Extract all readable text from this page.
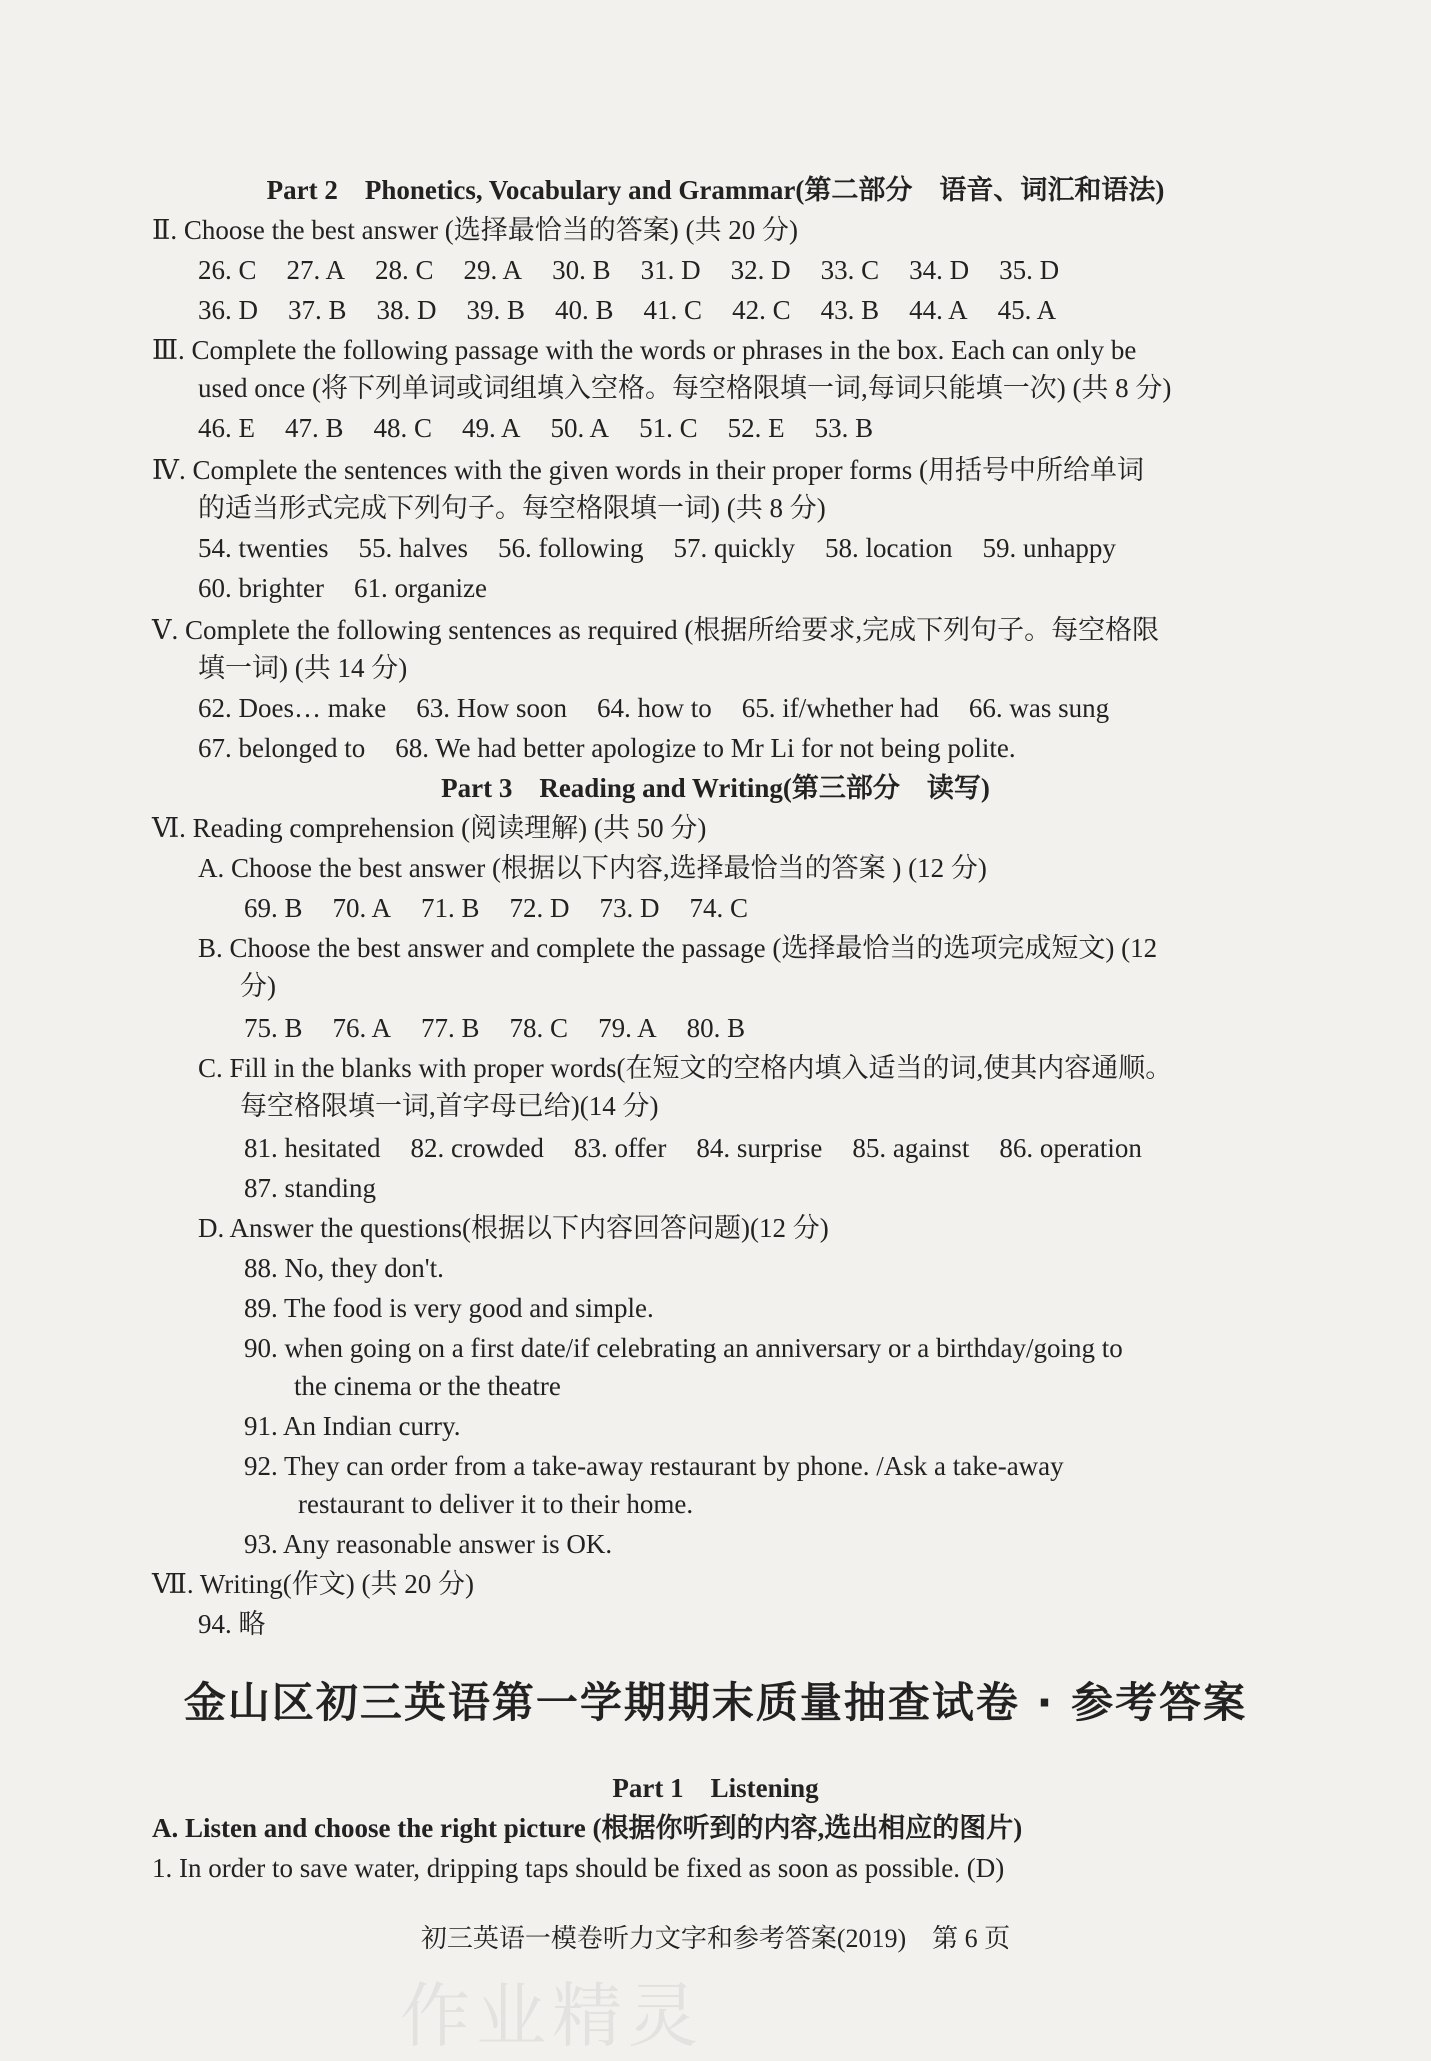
Part 2　Phonetics, Vocabulary and Grammar(第二部分　语音、词汇和语法)
Ⅱ. Choose the best answer (选择最恰当的答案) (共 20 分)
26. C 27. A 28. C 29. A 30. B 31. D 32. D 33. C 34. D 35. D
36. D 37. B 38. D 39. B 40. B 41. C 42. C 43. B 44. A 45. A
Ⅲ. Complete the following passage with the words or phrases in the box. Each can only be
used once (将下列单词或词组填入空格。每空格限填一词,每词只能填一次) (共 8 分)
46. E 47. B 48. C 49. A 50. A 51. C 52. E 53. B
Ⅳ. Complete the sentences with the given words in their proper forms (用括号中所给单词
的适当形式完成下列句子。每空格限填一词) (共 8 分)
54. twenties 55. halves 56. following 57. quickly 58. location 59. unhappy
60. brighter 61. organize
Ⅴ. Complete the following sentences as required (根据所给要求,完成下列句子。每空格限
填一词) (共 14 分)
62. Does… make 63. How soon 64. how to 65. if/whether had 66. was sung
67. belonged to 68. We had better apologize to Mr Li for not being polite.
Part 3　Reading and Writing(第三部分　读写)
Ⅵ. Reading comprehension (阅读理解) (共 50 分)
A. Choose the best answer (根据以下内容,选择最恰当的答案 ) (12 分)
69. B 70. A 71. B 72. D 73. D 74. C
B. Choose the best answer and complete the passage (选择最恰当的选项完成短文) (12
分)
75. B 76. A 77. B 78. C 79. A 80. B
C. Fill in the blanks with proper words(在短文的空格内填入适当的词,使其内容通顺。
每空格限填一词,首字母已给)(14 分)
81. hesitated 82. crowded 83. offer 84. surprise 85. against 86. operation
87. standing
D. Answer the questions(根据以下内容回答问题)(12 分)
88. No, they don't.
89. The food is very good and simple.
90. when going on a first date/if celebrating an anniversary or a birthday/going to
the cinema or the theatre
91. An Indian curry.
92. They can order from a take-away restaurant by phone. /Ask a take-away
restaurant to deliver it to their home.
93. Any reasonable answer is OK.
Ⅶ. Writing(作文) (共 20 分)
94. 略
金山区初三英语第一学期期末质量抽查试卷 · 参考答案
Part 1　Listening
A. Listen and choose the right picture (根据你听到的内容,选出相应的图片)
1. In order to save water, dripping taps should be fixed as soon as possible. (D)
初三英语一模卷听力文字和参考答案(2019)　第 6 页
作业精灵
